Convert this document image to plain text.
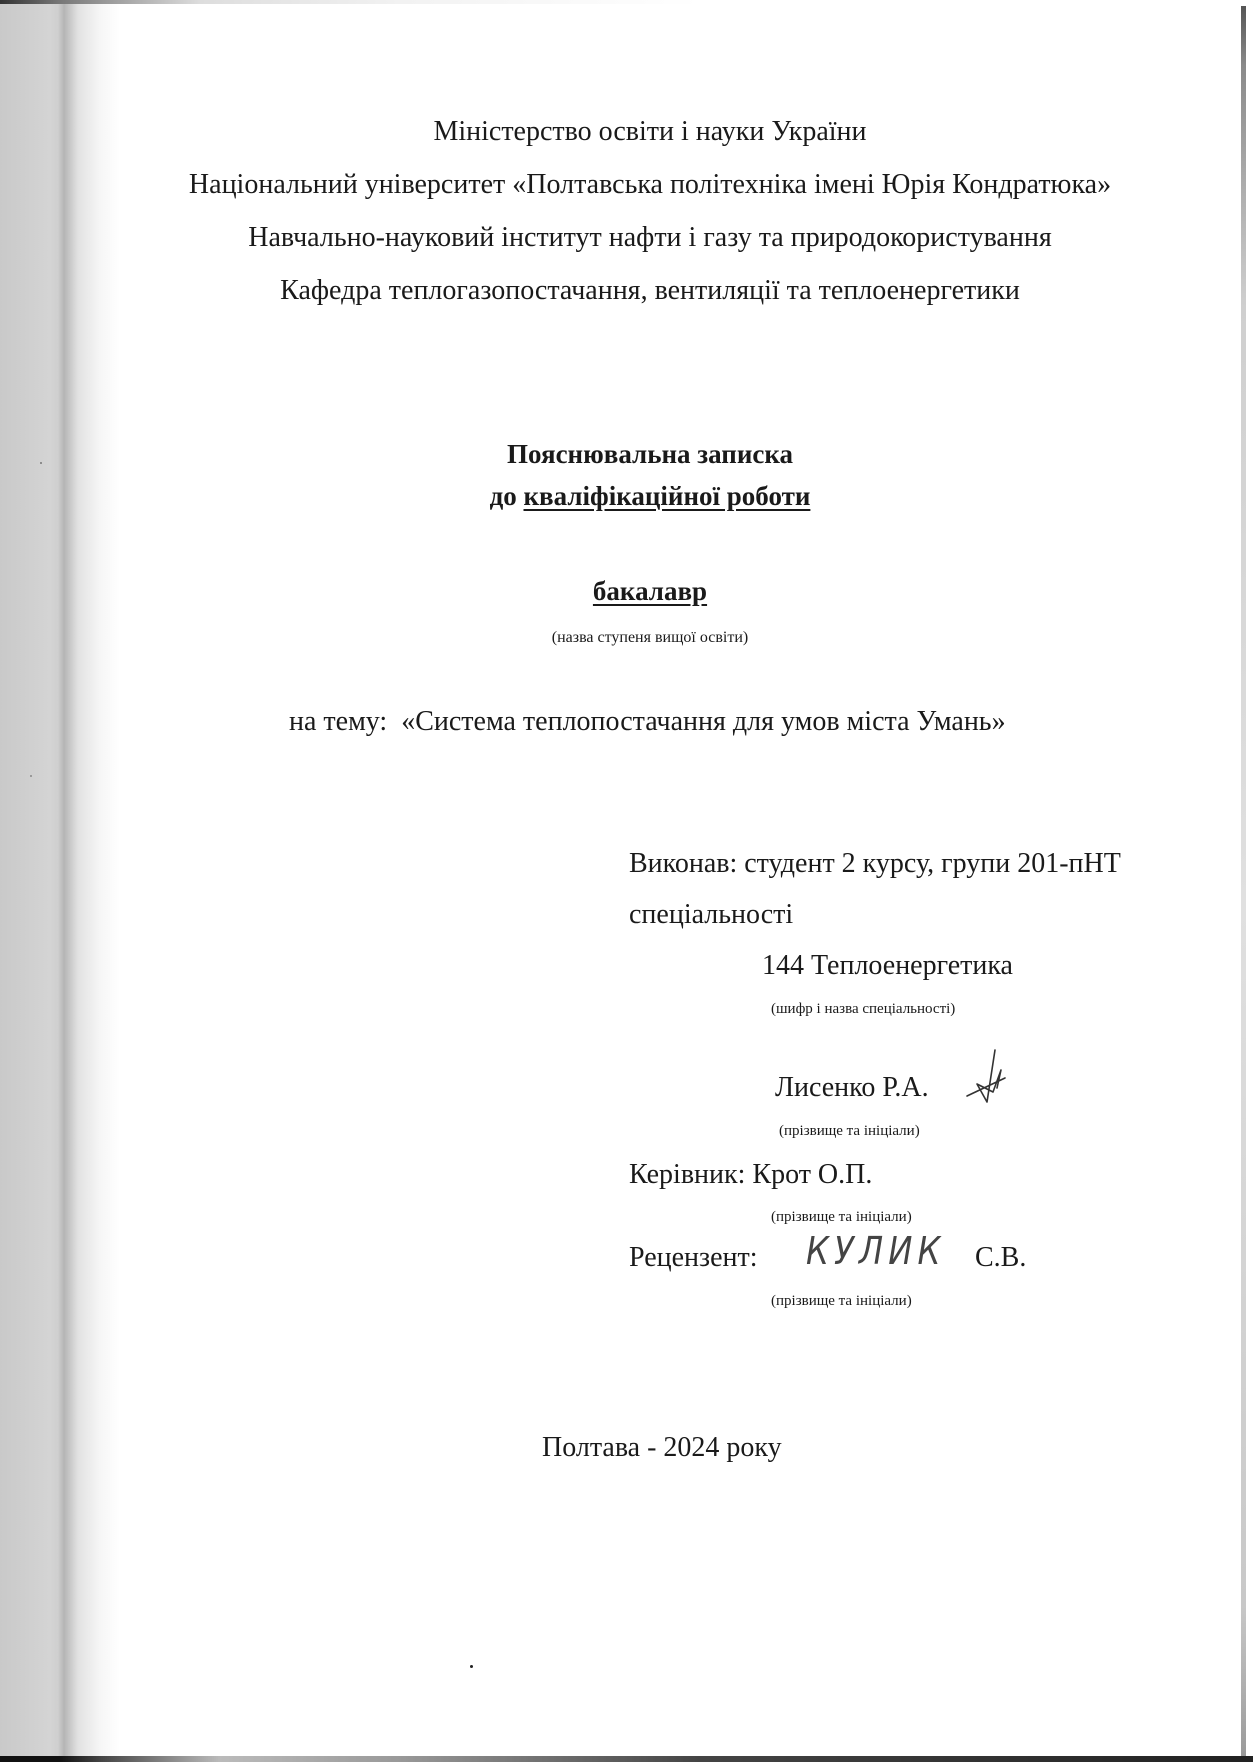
Міністерство освіти і науки України
Національний університет «Полтавська політехніка імені Юрія Кондратюка»
Навчально-науковий інститут нафти і газу та природокористування
Кафедра теплогазопостачання, вентиляції та теплоенергетики
Пояснювальна записка
до кваліфікаційної роботи
бакалавр
(назва ступеня вищої освіти)
на тему: «Система теплопостачання для умов міста Умань»
Виконав: студент 2 курсу, групи 201-пНТ
спеціальності
144 Теплоенергетика
(шифр і назва спеціальності)
Лисенко Р.А.
(прізвище та ініціали)
Керівник: Крот О.П.
(прізвище та ініціали)
Рецензент: КУЛИК С.В.
(прізвище та ініціали)
Полтава - 2024 року
